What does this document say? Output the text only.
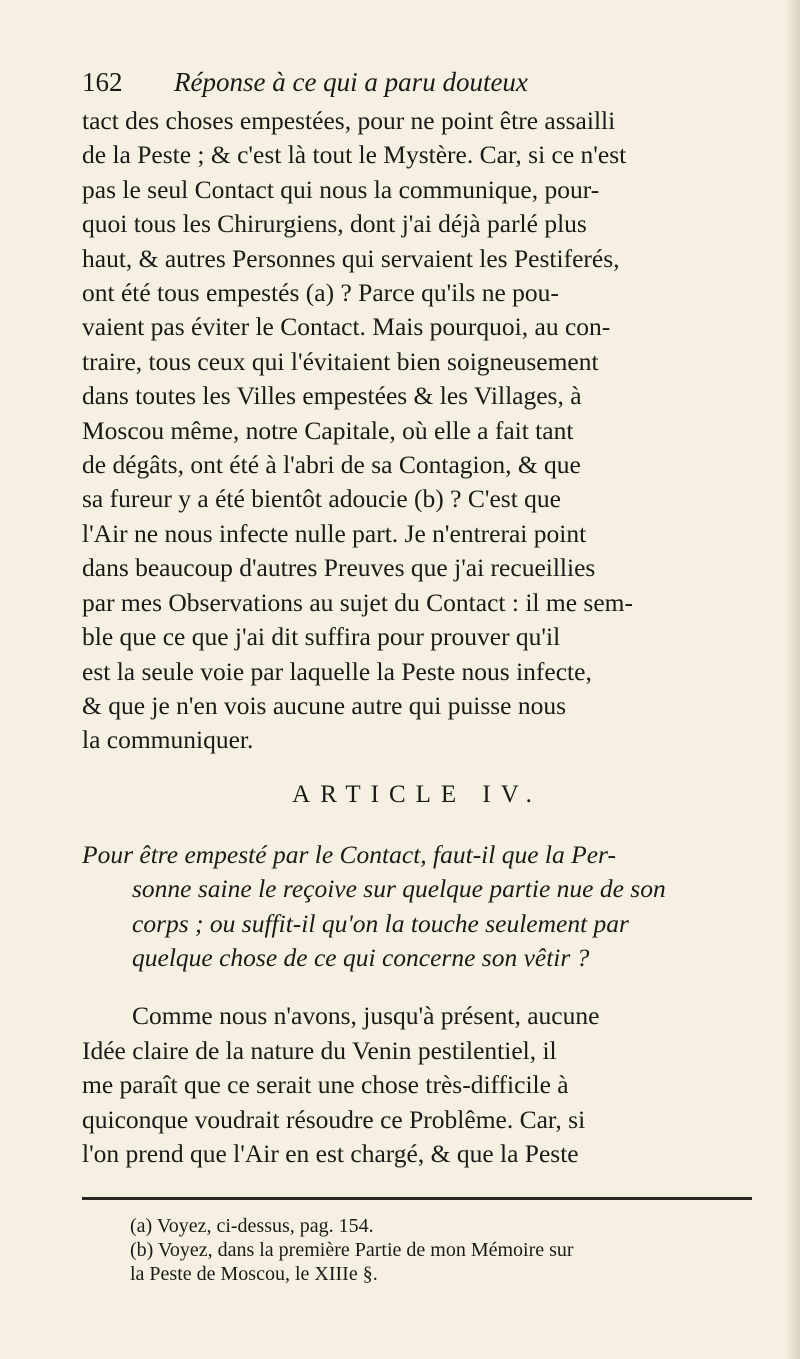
162	Réponse à ce qui a paru douteux
tact des choses empestées, pour ne point être assailli
de la Peste ; & c'est là tout le Mystère. Car, si ce n'est
pas le seul Contact qui nous la communique, pour-
quoi tous les Chirurgiens, dont j'ai déjà parlé plus
haut, & autres Personnes qui servaient les Pestiferés,
ont été tous empestés (a) ? Parce qu'ils ne pou-
vaient pas éviter le Contact. Mais pourquoi, au con-
traire, tous ceux qui l'évitaient bien soigneusement
dans toutes les Villes empestées & les Villages, à
Moscou même, notre Capitale, où elle a fait tant
de dégâts, ont été à l'abri de sa Contagion, & que
sa fureur y a été bientôt adoucie (b) ? C'est que
l'Air ne nous infecte nulle part. Je n'entrerai point
dans beaucoup d'autres Preuves que j'ai recueillies
par mes Observations au sujet du Contact : il me sem-
ble que ce que j'ai dit suffira pour prouver qu'il
est la seule voie par laquelle la Peste nous infecte,
& que je n'en vois aucune autre qui puisse nous
la communiquer.
ARTICLE IV.
Pour être empesté par le Contact, faut-il que la Per-
sonne saine le reçoive sur quelque partie nue de son
corps ; ou suffit-il qu'on la touche seulement par
quelque chose de ce qui concerne son vêtir ?
Comme nous n'avons, jusqu'à présent, aucune
Idée claire de la nature du Venin pestilentiel, il
me paraît que ce serait une chose très-difficile à
quiconque voudrait résoudre ce Problême. Car, si
l'on prend que l'Air en est chargé, & que la Peste
(a) Voyez, ci-dessus, pag. 154.
(b) Voyez, dans la première Partie de mon Mémoire sur
la Peste de Moscou, le XIIIe §.
